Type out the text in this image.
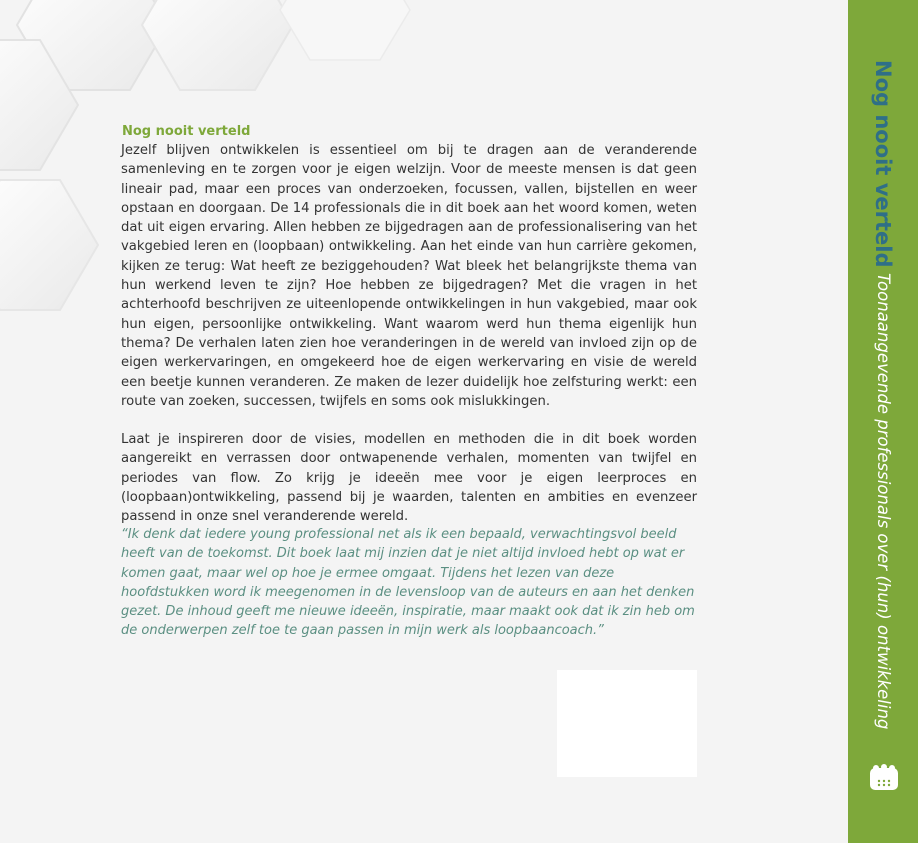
Nog nooit verteld

Jezelf blijven ontwikkelen is essentieel om bij te dragen aan de veranderende samenleving en te zorgen voor je eigen welzijn. Voor de meeste mensen is dat geen lineair pad, maar een proces van onderzoeken, focussen, vallen, bijstellen en weer opstaan en doorgaan. De 14 professionals die in dit boek aan het woord komen, weten dat uit eigen ervaring. Allen hebben ze bijgedragen aan de professionalisering van het vakgebied leren en (loopbaan) ontwikkeling. Aan het einde van hun carrière gekomen, kijken ze terug: Wat heeft ze beziggehouden? Wat bleek het belangrijkste thema van hun werkend leven te zijn? Hoe hebben ze bijgedragen? Met die vragen in het achterhoofd beschrijven ze uiteenlopende ontwikkelingen in hun vakgebied, maar ook hun eigen, persoonlijke ontwikkeling. Want waarom werd hun thema eigenlijk hun thema? De verhalen laten zien hoe veranderingen in de wereld van invloed zijn op de eigen werkervaringen, en omgekeerd hoe de eigen werkervaring en visie de wereld een beetje kunnen veranderen. Ze maken de lezer duidelijk hoe zelfsturing werkt: een route van zoeken, successen, twijfels en soms ook mislukkingen.

Laat je inspireren door de visies, modellen en methoden die in dit boek worden aangereikt en verrassen door ontwapenende verhalen, momenten van twijfel en periodes van flow. Zo krijg je ideeën mee voor je eigen leerproces en (loopbaan)ontwikkeling, passend bij je waarden, talenten en ambities en evenzeer passend in onze snel veranderende wereld.

“Ik denk dat iedere young professional net als ik een bepaald, verwachtingsvol beeld heeft van de toekomst. Dit boek laat mij inzien dat je niet altijd invloed hebt op wat er komen gaat, maar wel op hoe je ermee omgaat. Tijdens het lezen van deze hoofdstukken word ik meegenomen in de levensloop van de auteurs en aan het denken gezet. De inhoud geeft me nieuwe ideeën, inspiratie, maar maakt ook dat ik zin heb om de onderwerpen zelf toe te gaan passen in mijn werk als loopbaancoach.”

Nog nooit verteld
Toonaangevende professionals over (hun) ontwikkeling
